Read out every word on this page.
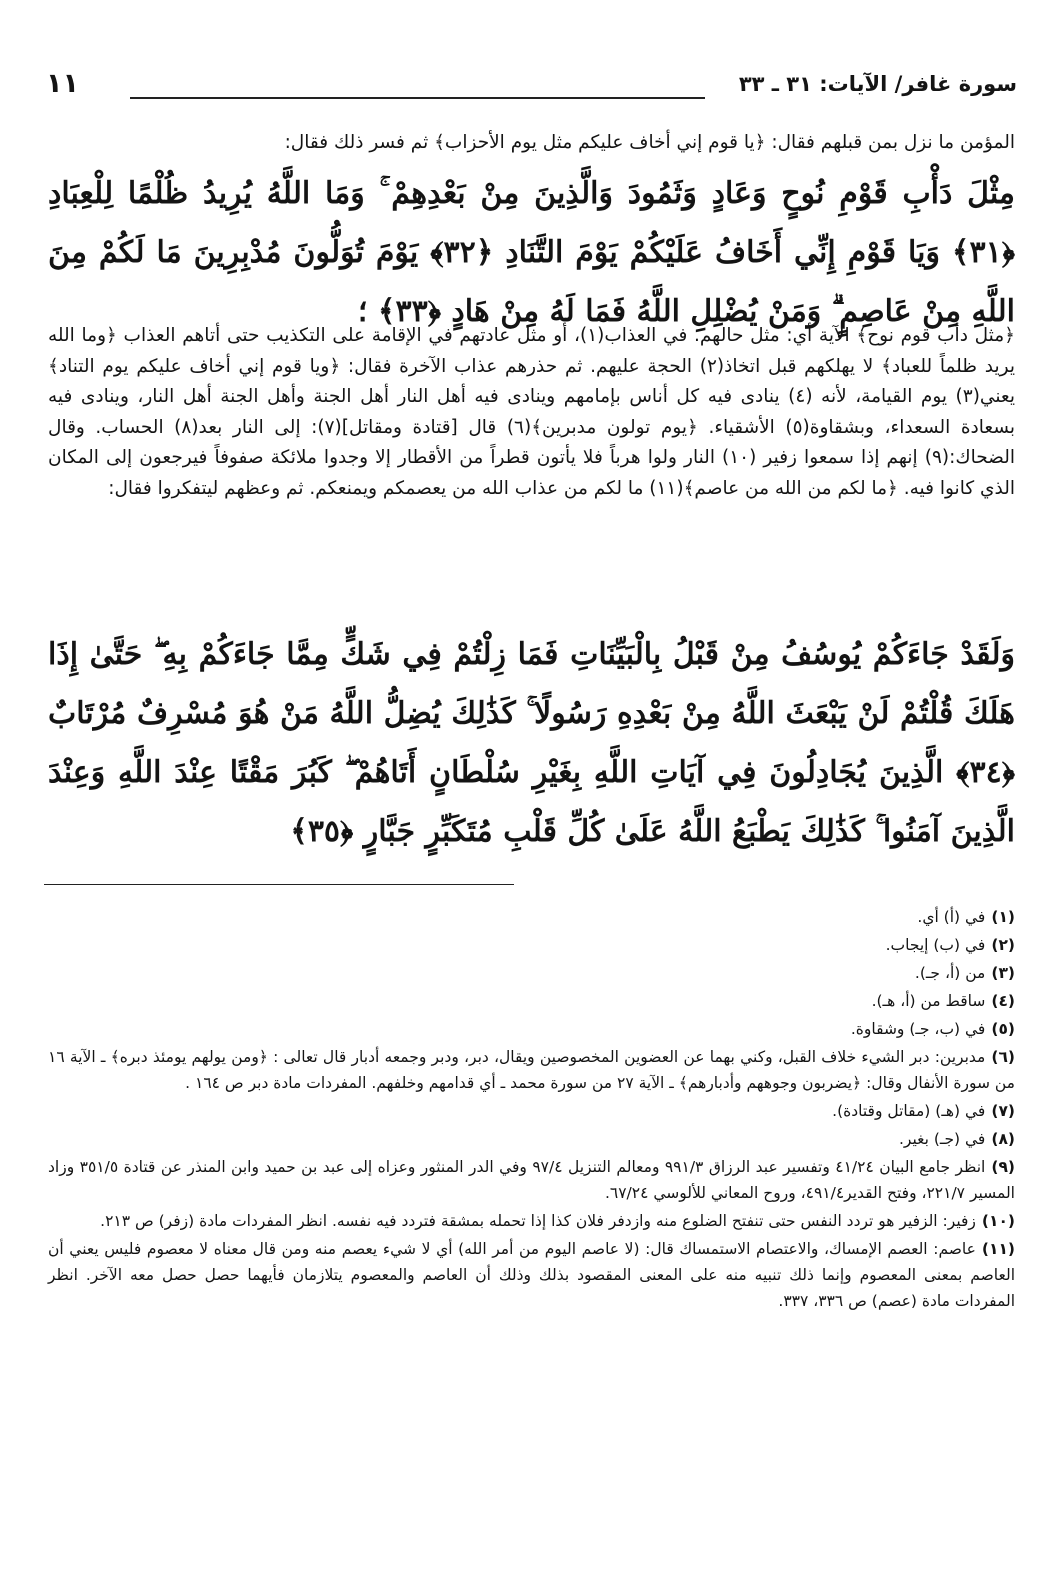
سورة غافر/ الآيات: ٣١ ـ ٣٣
١١
المؤمن ما نزل بمن قبلهم فقال: ﴿يا قوم إني أخاف عليكم مثل يوم الأحزاب﴾ ثم فسر ذلك فقال:
مِثْلَ دَأْبِ قَوْمِ نُوحٍ وَعَادٍ وَثَمُودَ وَالَّذِينَ مِنْ بَعْدِهِمْ ۚ وَمَا اللَّهُ يُرِيدُ ظُلْمًا لِلْعِبَادِ ﴿٣١﴾ وَيَا قَوْمِ إِنِّي أَخَافُ عَلَيْكُمْ يَوْمَ التَّنَادِ ﴿٣٢﴾ يَوْمَ تُوَلُّونَ مُدْبِرِينَ مَا لَكُمْ مِنَ اللَّهِ مِنْ عَاصِمٍ ۗ وَمَنْ يُضْلِلِ اللَّهُ فَمَا لَهُ مِنْ هَادٍ ﴿٣٣﴾ ؛
﴿مثل دأب قوم نوح﴾ الآية أي: مثل حالهم. في العذاب(١)، أو مثل عادتهم في الإقامة على التكذيب حتى أتاهم العذاب ﴿وما الله يريد ظلماً للعباد﴾ لا يهلكهم قبل اتخاذ(٢) الحجة عليهم. ثم حذرهم عذاب الآخرة فقال: ﴿ويا قوم إني أخاف عليكم يوم التناد﴾ يعني(٣) يوم القيامة، لأنه (٤) ينادى فيه كل أناس بإمامهم وينادى فيه أهل النار أهل الجنة وأهل الجنة أهل النار، وينادى فيه بسعادة السعداء، وبشقاوة(٥) الأشقياء. ﴿يوم تولون مدبرين﴾(٦) قال [قتادة ومقاتل](٧): إلى النار بعد(٨) الحساب. وقال الضحاك:(٩) إنهم إذا سمعوا زفير (١٠) النار ولوا هرباً فلا يأتون قطراً من الأقطار إلا وجدوا ملائكة صفوفاً فيرجعون إلى المكان الذي كانوا فيه. ﴿ما لكم من الله من عاصم﴾(١١) ما لكم من عذاب الله من يعصمكم ويمنعكم. ثم وعظهم ليتفكروا فقال:
وَلَقَدْ جَاءَكُمْ يُوسُفُ مِنْ قَبْلُ بِالْبَيِّنَاتِ فَمَا زِلْتُمْ فِي شَكٍّ مِمَّا جَاءَكُمْ بِهِ ۖ حَتَّىٰ إِذَا هَلَكَ قُلْتُمْ لَنْ يَبْعَثَ اللَّهُ مِنْ بَعْدِهِ رَسُولًا ۚ كَذَٰلِكَ يُضِلُّ اللَّهُ مَنْ هُوَ مُسْرِفٌ مُرْتَابٌ ﴿٣٤﴾ الَّذِينَ يُجَادِلُونَ فِي آيَاتِ اللَّهِ بِغَيْرِ سُلْطَانٍ أَتَاهُمْ ۖ كَبُرَ مَقْتًا عِنْدَ اللَّهِ وَعِنْدَ الَّذِينَ آمَنُوا ۚ كَذَٰلِكَ يَطْبَعُ اللَّهُ عَلَىٰ كُلِّ قَلْبِ مُتَكَبِّرٍ جَبَّارٍ ﴿٣٥﴾
(١)في (أ) أي.
(٢)في (ب) إيجاب.
(٣)من (أ، جـ).
(٤)ساقط من (أ، هـ).
(٥)في (ب، جـ) وشقاوة.
(٦)مدبرين: دبر الشيء خلاف القبل، وكني بهما عن العضوين المخصوصين ويقال، دبر، ودبر وجمعه أدبار قال تعالى : ﴿ومن يولهم يومئذ دبره﴾ ـ الآية ١٦ من سورة الأنفال وقال: ﴿يضربون وجوههم وأدبارهم﴾ ـ الآية ٢٧ من سورة محمد ـ أي قدامهم وخلفهم. المفردات مادة دبر ص ١٦٤ .
(٧)في (هـ) (مقاتل وقتادة).
(٨)في (جـ) بغير.
(٩)انظر جامع البيان ٤١/٢٤ وتفسير عبد الرزاق ٩٩١/٣ ومعالم التنزيل ٩٧/٤ وفي الدر المنثور وعزاه إلى عبد بن حميد وابن المنذر عن قتادة ٣٥١/٥ وزاد المسير ٢٢١/٧، وفتح القدير٤٩١/٤، وروح المعاني للألوسي ٦٧/٢٤.
(١٠)زفير: الزفير هو تردد النفس حتى تنفتح الضلوع منه وازدفر فلان كذا إذا تحمله بمشقة فتردد فيه نفسه. انظر المفردات مادة (زفر) ص ٢١٣.
(١١)عاصم: العصم الإمساك، والاعتصام الاستمساك قال: (لا عاصم اليوم من أمر الله) أي لا شيء يعصم منه ومن قال معناه لا معصوم فليس يعني أن العاصم بمعنى المعصوم وإنما ذلك تنبيه منه على المعنى المقصود بذلك وذلك أن العاصم والمعصوم يتلازمان فأيهما حصل حصل معه الآخر. انظر المفردات مادة (عصم) ص ٣٣٦، ٣٣٧.
